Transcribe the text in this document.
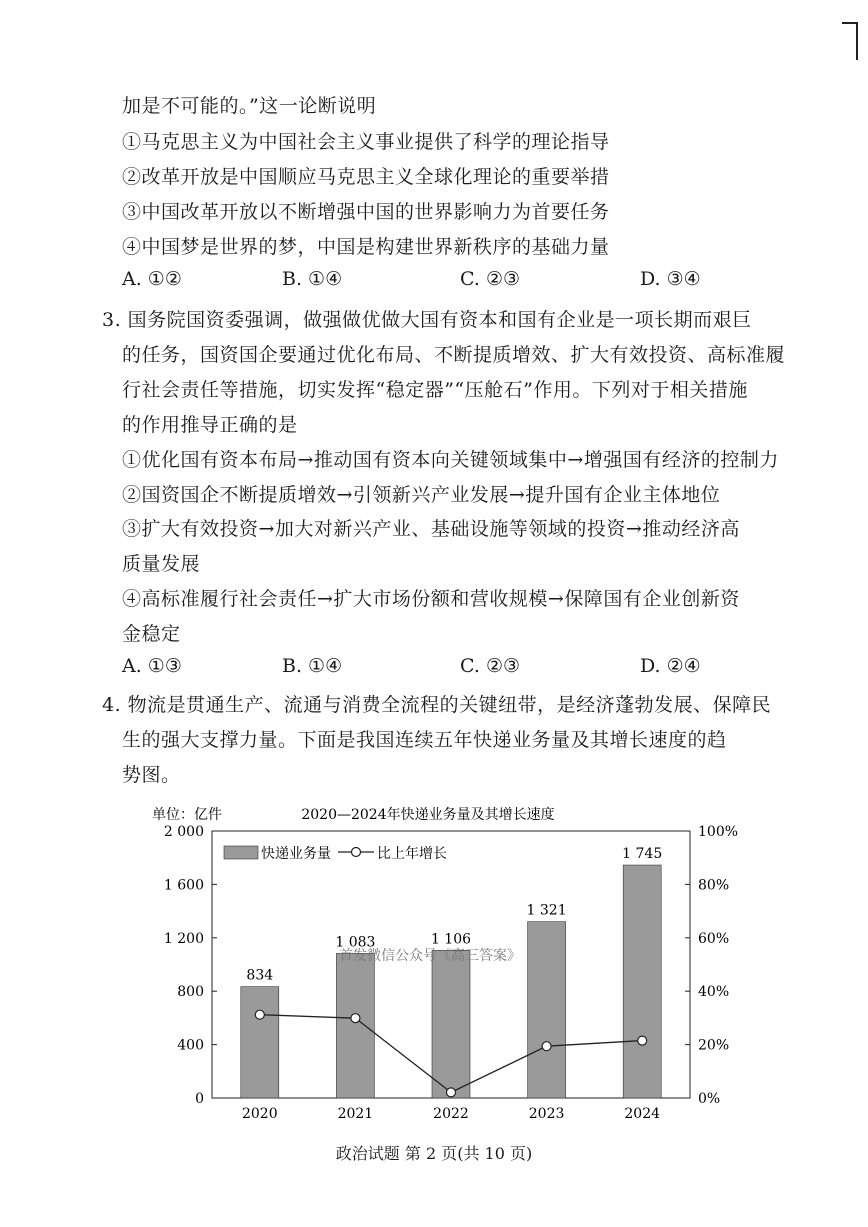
加是不可能的。”这一论断说明
①马克思主义为中国社会主义事业提供了科学的理论指导
②改革开放是中国顺应马克思主义全球化理论的重要举措
③中国改革开放以不断增强中国的世界影响力为首要任务
④中国梦是世界的梦，中国是构建世界新秩序的基础力量
A. ①②	B. ①④	C. ②③	D. ③④
3. 国务院国资委强调，做强做优做大国有资本和国有企业是一项长期而艰巨
的任务，国资国企要通过优化布局、不断提质增效、扩大有效投资、高标准履
行社会责任等措施，切实发挥“稳定器”“压舱石”作用。下列对于相关措施
的作用推导正确的是
①优化国有资本布局→推动国有资本向关键领域集中→增强国有经济的控制力
②国资国企不断提质增效→引领新兴产业发展→提升国有企业主体地位
③扩大有效投资→加大对新兴产业、基础设施等领域的投资→推动经济高
质量发展
④高标准履行社会责任→扩大市场份额和营收规模→保障国有企业创新资
金稳定
A. ①③	B. ①④	C. ②③	D. ②④
4. 物流是贯通生产、流通与消费全流程的关键纽带，是经济蓬勃发展、保障民
生的强大支撑力量。下面是我国连续五年快递业务量及其增长速度的趋
势图。
单位：亿件	2020—2024年快递业务量及其增长速度
0
400
800
1 200
1 600
2 000
0%
20%
40%
60%
80%
100%
834
1 083	1 106
1 321
1 745
2020	2021	2022	2023	2024
快递业务量	比上年增长
首发微信公众号《高三答案》
政治试题 第 2 页(共 10 页)
